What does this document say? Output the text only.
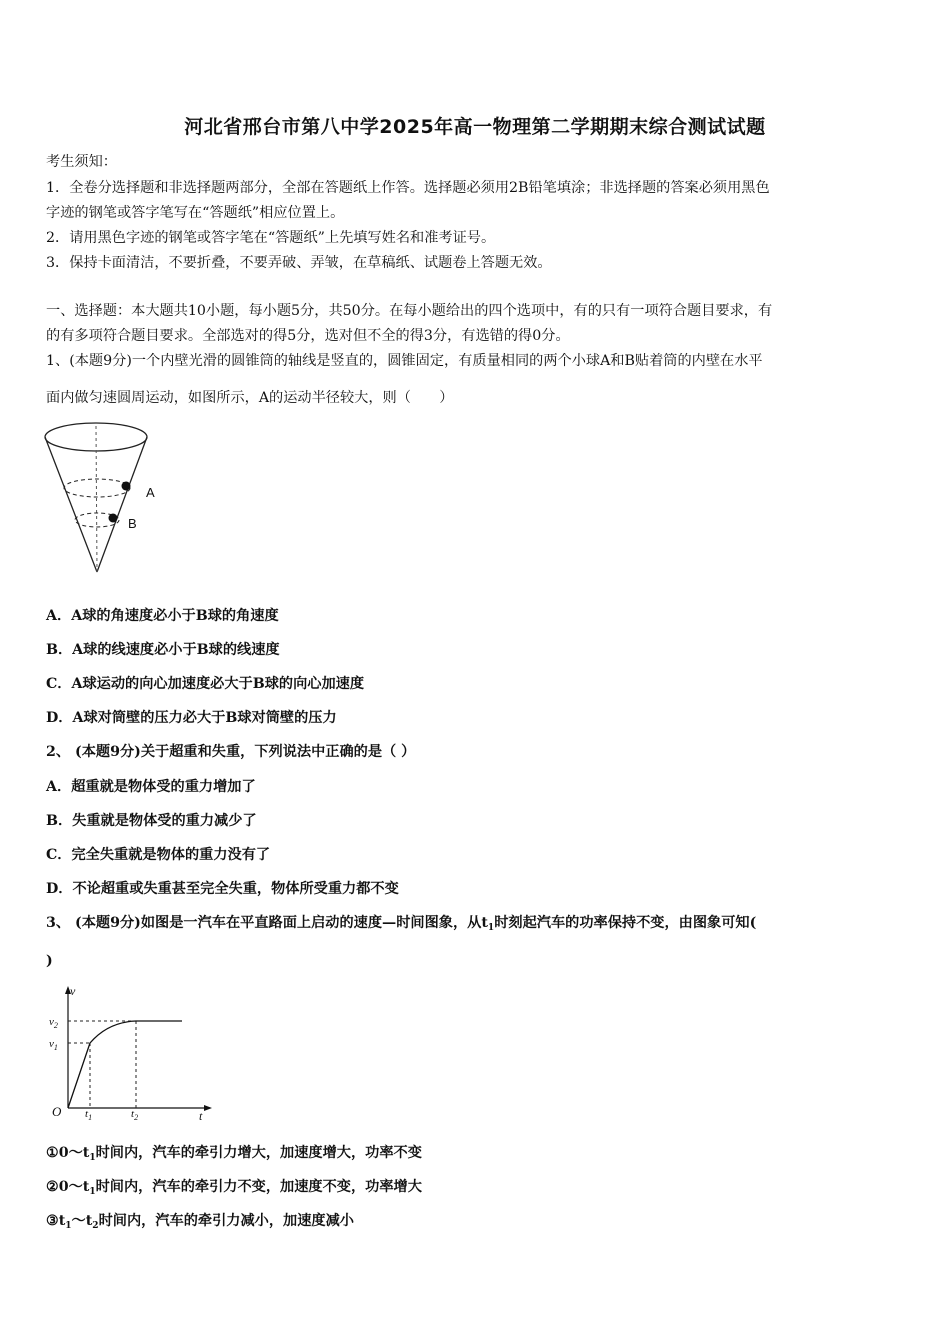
河北省邢台市第八中学2025年高一物理第二学期期末综合测试试题
考生须知：
1．全卷分选择题和非选择题两部分，全部在答题纸上作答。选择题必须用2B铅笔填涂；非选择题的答案必须用黑色
字迹的钢笔或答字笔写在“答题纸”相应位置上。
2．请用黑色字迹的钢笔或答字笔在“答题纸”上先填写姓名和准考证号。
3．保持卡面清洁，不要折叠，不要弄破、弄皱，在草稿纸、试题卷上答题无效。
一、选择题：本大题共10小题，每小题5分，共50分。在每小题给出的四个选项中，有的只有一项符合题目要求，有
的有多项符合题目要求。全部选对的得5分，选对但不全的得3分，有选错的得0分。
1、(本题9分)一个内壁光滑的圆锥筒的轴线是竖直的，圆锥固定，有质量相同的两个小球A和B贴着筒的内壁在水平
面内做匀速圆周运动，如图所示，A的运动半径较大，则（　　）
A
B
A．A球的角速度必小于B球的角速度
B．A球的线速度必小于B球的线速度
C．A球运动的向心加速度必大于B球的向心加速度
D．A球对筒壁的压力必大于B球对筒壁的压力
2、 (本题9分)关于超重和失重，下列说法中正确的是（ ）
A．超重就是物体受的重力增加了
B．失重就是物体受的重力减少了
C．完全失重就是物体的重力没有了
D．不论超重或失重甚至完全失重，物体所受重力都不变
3、 (本题9分)如图是一汽车在平直路面上启动的速度—时间图象，从$t_1$时刻起汽车的功率保持不变，由图象可知(
)
v
t
O
$v_2$
$v_1$
$t_1$	$t_2$
$①0\sim t_1$时间内，汽车的牵引力增大，加速度增大，功率不变
$②0\sim t_1$时间内，汽车的牵引力不变，加速度不变，功率增大
$③t_1\sim t_2$时间内，汽车的牵引力减小，加速度减小
